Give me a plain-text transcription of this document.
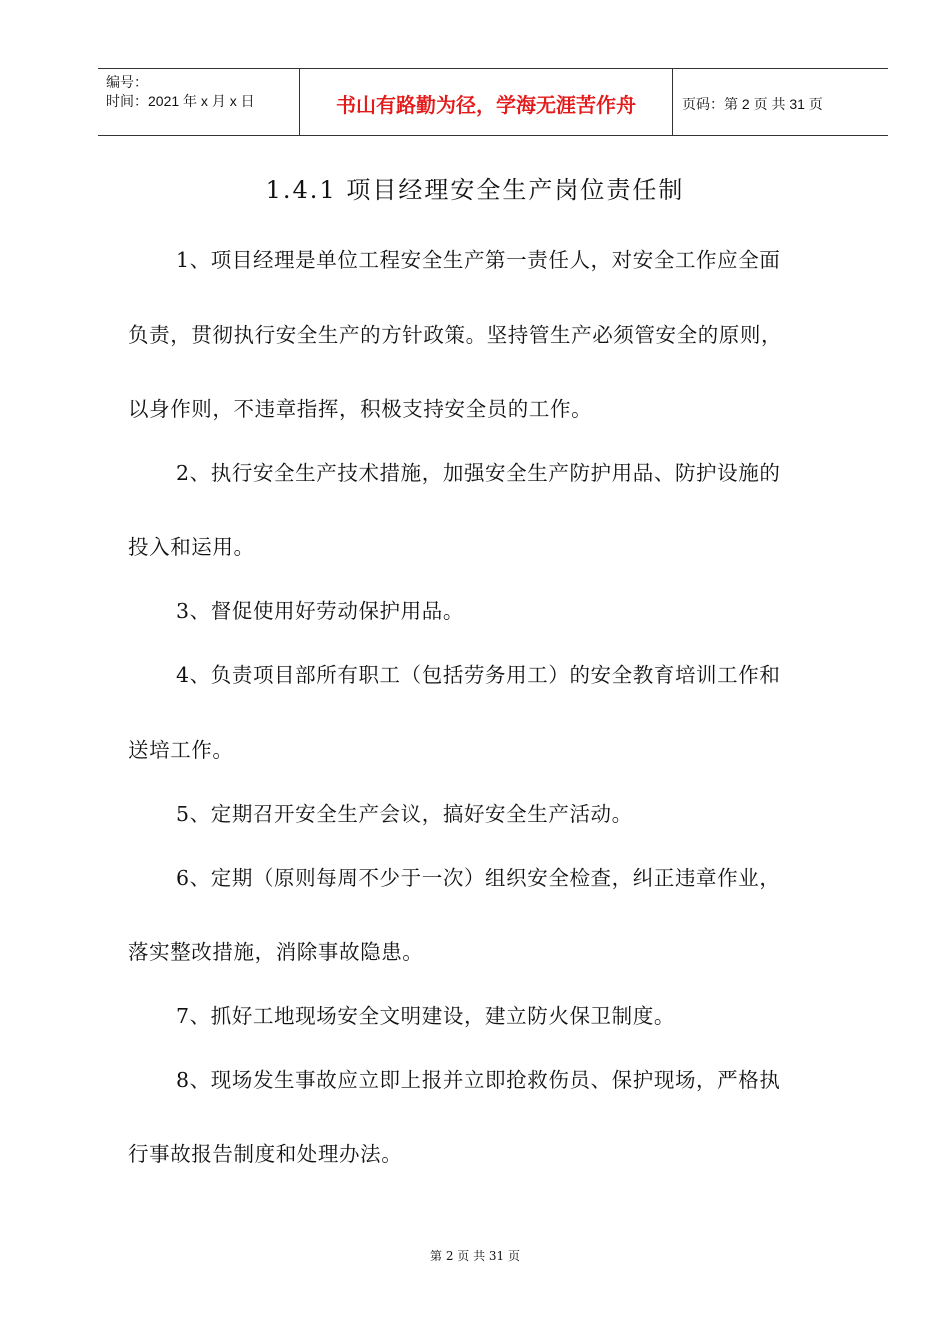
编号：
时间：2021 年 x 月 x 日	书山有路勤为径，学海无涯苦作舟	页码：第 2 页 共 31 页
1.4.1 项目经理安全生产岗位责任制
1、项目经理是单位工程安全生产第一责任人，对安全工作应全面
负责，贯彻执行安全生产的方针政策。坚持管生产必须管安全的原则，
以身作则，不违章指挥，积极支持安全员的工作。
2、执行安全生产技术措施，加强安全生产防护用品、防护设施的
投入和运用。
3、督促使用好劳动保护用品。
4、负责项目部所有职工（包括劳务用工）的安全教育培训工作和
送培工作。
5、定期召开安全生产会议，搞好安全生产活动。
6、定期（原则每周不少于一次）组织安全检查，纠正违章作业，
落实整改措施，消除事故隐患。
7、抓好工地现场安全文明建设，建立防火保卫制度。
8、现场发生事故应立即上报并立即抢救伤员、保护现场，严格执
行事故报告制度和处理办法。
第 2 页 共 31 页
